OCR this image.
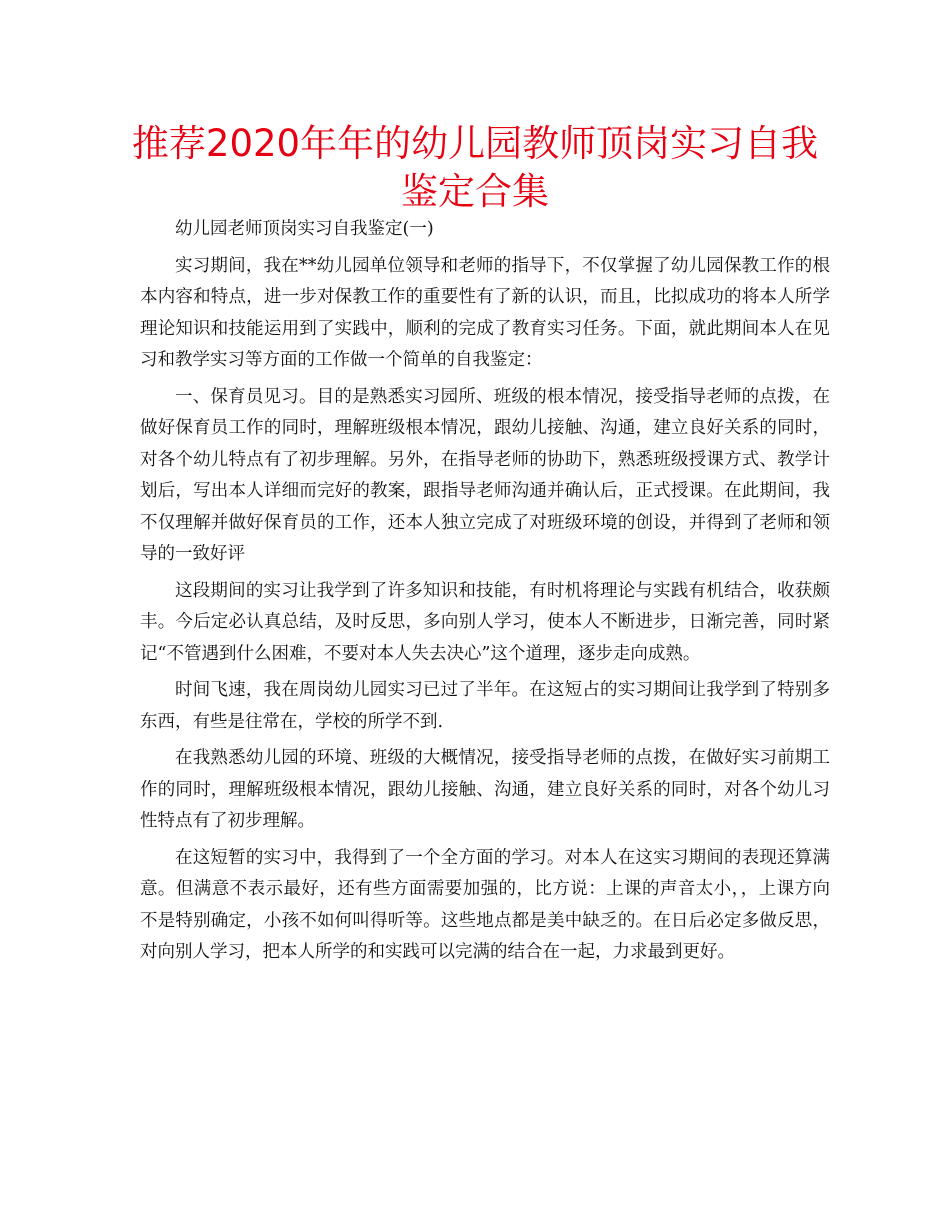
推荐2020年年的幼儿园教师顶岗实习自我
鉴定合集

幼儿园老师顶岗实习自我鉴定(一)

实习期间，我在**幼儿园单位领导和老师的指导下，不仅掌握了幼儿园保教工作的根本内容和特点，进一步对保教工作的重要性有了新的认识，而且，比拟成功的将本人所学理论知识和技能运用到了实践中，顺利的完成了教育实习任务。下面，就此期间本人在见习和教学实习等方面的工作做一个简单的自我鉴定：

一、保育员见习。目的是熟悉实习园所、班级的根本情况，接受指导老师的点拨，在做好保育员工作的同时，理解班级根本情况，跟幼儿接触、沟通，建立良好关系的同时，对各个幼儿特点有了初步理解。另外，在指导老师的协助下，熟悉班级授课方式、教学计划后，写出本人详细而完好的教案，跟指导老师沟通并确认后，正式授课。在此期间，我不仅理解并做好保育员的工作，还本人独立完成了对班级环境的创设，并得到了老师和领导的一致好评

这段期间的实习让我学到了许多知识和技能，有时机将理论与实践有机结合，收获颇丰。今后定必认真总结，及时反思，多向别人学习，使本人不断进步，日渐完善，同时紧记“不管遇到什么困难，不要对本人失去决心”这个道理，逐步走向成熟。

时间飞速，我在周岗幼儿园实习已过了半年。在这短占的实习期间让我学到了特别多东西，有些是往常在，学校的所学不到.

在我熟悉幼儿园的环境、班级的大概情况，接受指导老师的点拨，在做好实习前期工作的同时，理解班级根本情况，跟幼儿接触、沟通，建立良好关系的同时，对各个幼儿习性特点有了初步理解。

在这短暂的实习中，我得到了一个全方面的学习。对本人在这实习期间的表现还算满意。但满意不表示最好，还有些方面需要加强的，比方说：上课的声音太小，，上课方向不是特别确定，小孩不如何叫得听等。这些地点都是美中缺乏的。在日后必定多做反思，对向别人学习，把本人所学的和实践可以完满的结合在一起，力求最到更好。
